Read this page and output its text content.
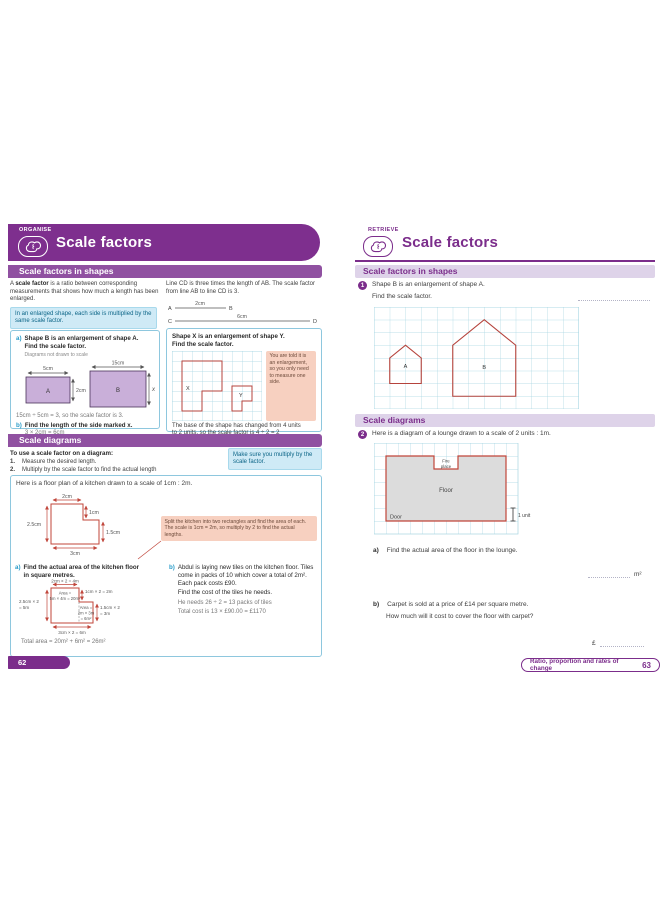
ORGANISE
Scale factors
Scale factors in shapes
A scale factor is a ratio between corresponding measurements that shows how much a length has been enlarged.
In an enlarged shape, each side is multiplied by the same scale factor.
a) Shape B is an enlargement of shape A.
Find the scale factor.
Diagrams not drawn to scale
5cm
A	2cm
15cm
B	x
15cm ÷ 5cm = 3, so the scale factor is 3.
b) Find the length of the side marked x.
Line CD is three times the length of AB. The scale factor from line AB to line CD is 3.
A	B
2cm
C	D
6cm
Shape X is an enlargement of shape Y.
Find the scale factor.
X
Y
You are told it is an enlargement, so you only need to measure one side.
The base of the shape has changed from 4 units
Scale diagrams
To use a scale factor on a diagram:
1.	Measure the desired length.
2.	Multiply by the scale factor to find the actual length
Make sure you multiply by the scale factor.
Here is a floor plan of a kitchen drawn to a scale of 1cm : 2m.
2cm
1cm
2.5cm
1.5cm
3cm
Split the kitchen into two rectangles and find the area of each. The scale is 1cm = 2m, so multiply by 2 to find the actual lengths.
a) Find the actual area of the kitchen floor
in square metres.
2cm × 2 = 4m
1cm × 2 = 2m
2.5cm × 2
= 5m
Area =
5m × 4m = 20m²
Area =
2m × 3m
= 6m²
1.5cm × 2
= 3m
3cm × 2 = 6m
Total area = 20m² + 6m² = 26m²
b) Abdul is laying new tiles on the kitchen floor. Tiles come in packs of 10 which cover a total of 2m². Each pack costs £90.
Find the cost of the tiles he needs.
He needs 26 ÷ 2 = 13 packs of tiles
Total cost is 13 × £90.00 = £1170
62
RETRIEVE
Scale factors
Scale factors in shapes
1	Shape B is an enlargement of shape A.
Find the scale factor.
A	B
Scale diagrams
2	Here is a diagram of a lounge drawn to a scale of 2 units : 1m.
Fire
place
Floor
Door	1 unit
a) Find the actual area of the floor in the lounge.
m²
b) Carpet is sold at a price of £14 per square metre.
How much will it cost to cover the floor with carpet?
£
Ratio, proportion and rates of change	63
